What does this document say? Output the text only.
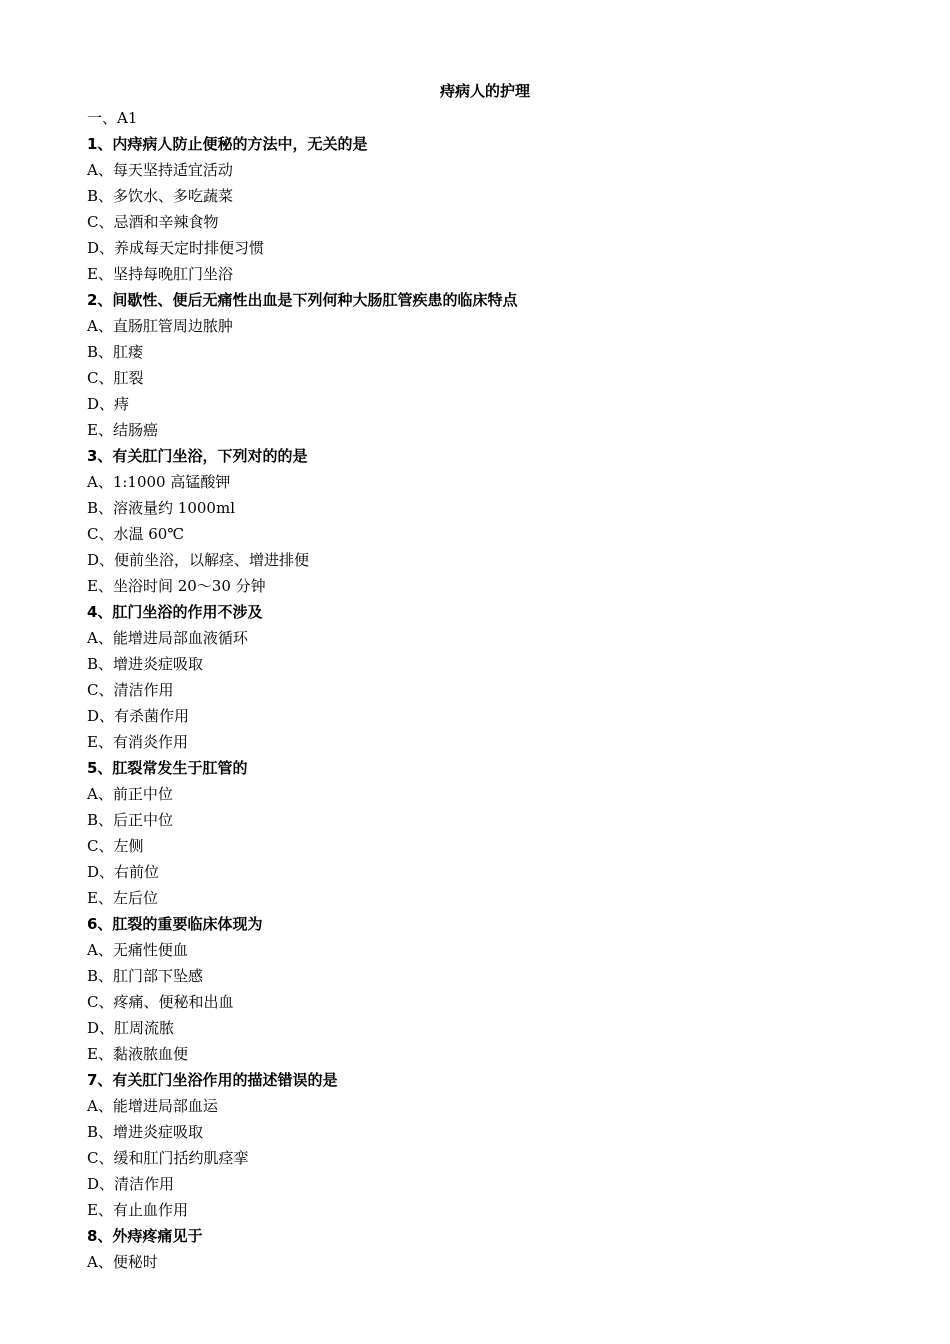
痔病人的护理
一、A1
1、内痔病人防止便秘的方法中，无关的是
A、每天坚持适宜活动
B、多饮水、多吃蔬菜
C、忌酒和辛辣食物
D、养成每天定时排便习惯
E、坚持每晚肛门坐浴
2、间歇性、便后无痛性出血是下列何种大肠肛管疾患的临床特点
A、直肠肛管周边脓肿
B、肛瘘
C、肛裂
D、痔
E、结肠癌
3、有关肛门坐浴，下列对的的是
A、1:1000 高锰酸钾
B、溶液量约 1000ml
C、水温 60℃
D、便前坐浴，以解痉、增进排便
E、坐浴时间 20～30 分钟
4、肛门坐浴的作用不涉及
A、能增进局部血液循环
B、增进炎症吸取
C、清洁作用
D、有杀菌作用
E、有消炎作用
5、肛裂常发生于肛管的
A、前正中位
B、后正中位
C、左侧
D、右前位
E、左后位
6、肛裂的重要临床体现为
A、无痛性便血
B、肛门部下坠感
C、疼痛、便秘和出血
D、肛周流脓
E、黏液脓血便
7、有关肛门坐浴作用的描述错误的是
A、能增进局部血运
B、增进炎症吸取
C、缓和肛门括约肌痉挛
D、清洁作用
E、有止血作用
8、外痔疼痛见于
A、便秘时
